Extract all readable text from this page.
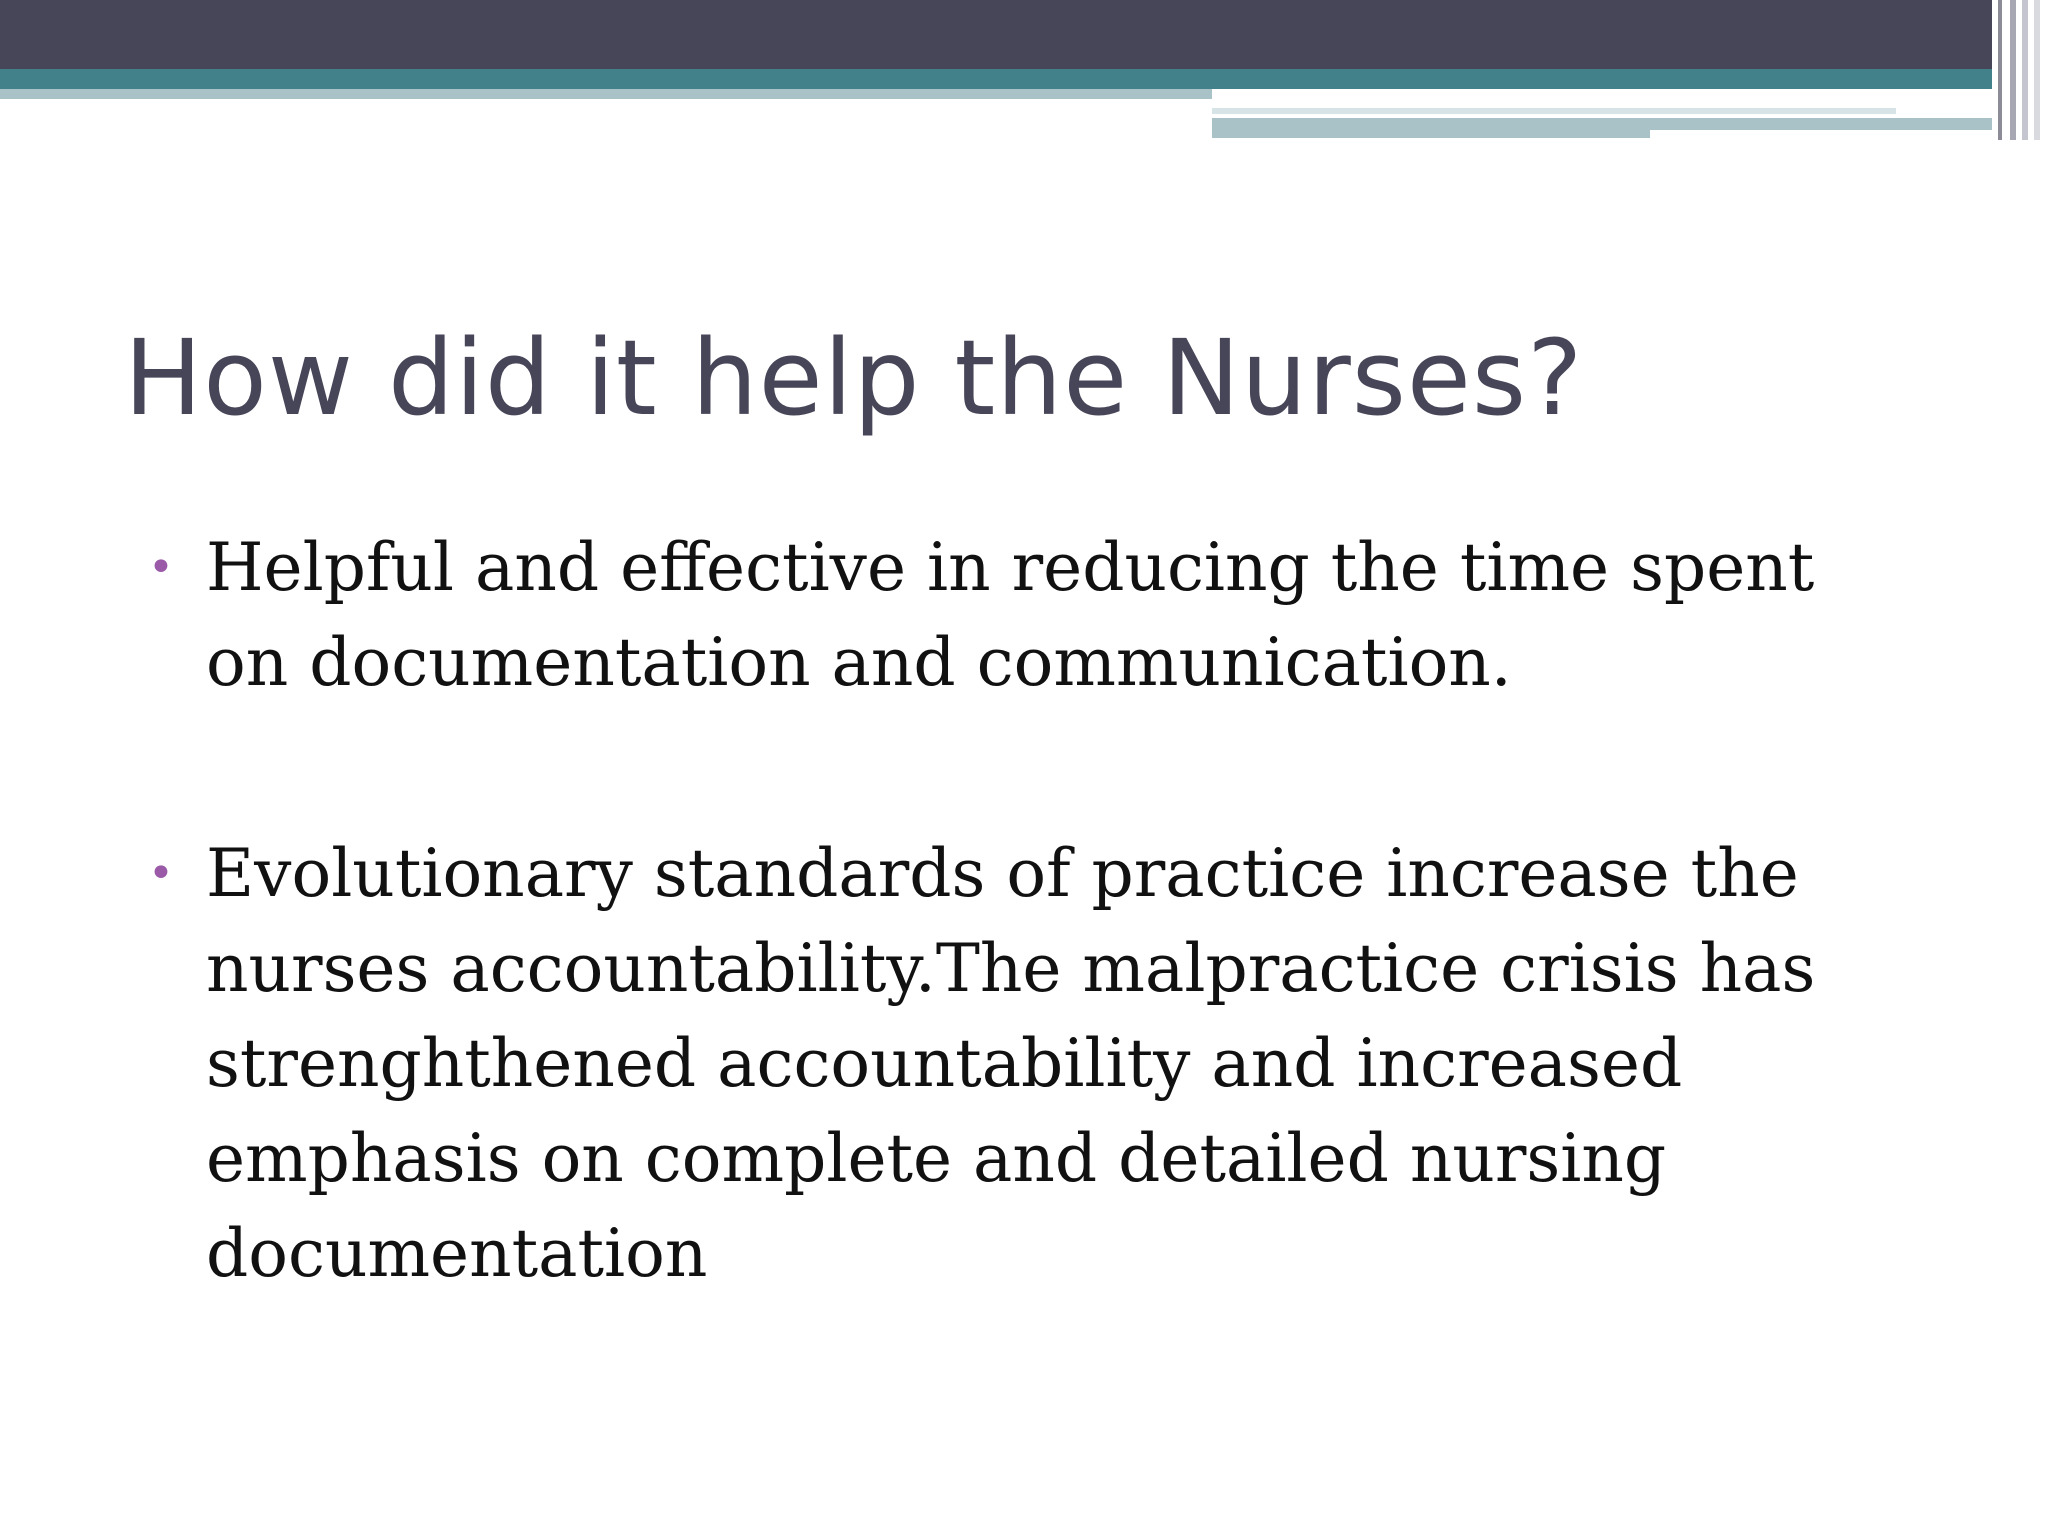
How did it help the Nurses?
• Helpful and effective in reducing the time spent on documentation and communication.
• Evolutionary standards of practice increase the nurses accountability.The malpractice crisis has strenghthened accountability and increased emphasis on complete and detailed nursing documentation
